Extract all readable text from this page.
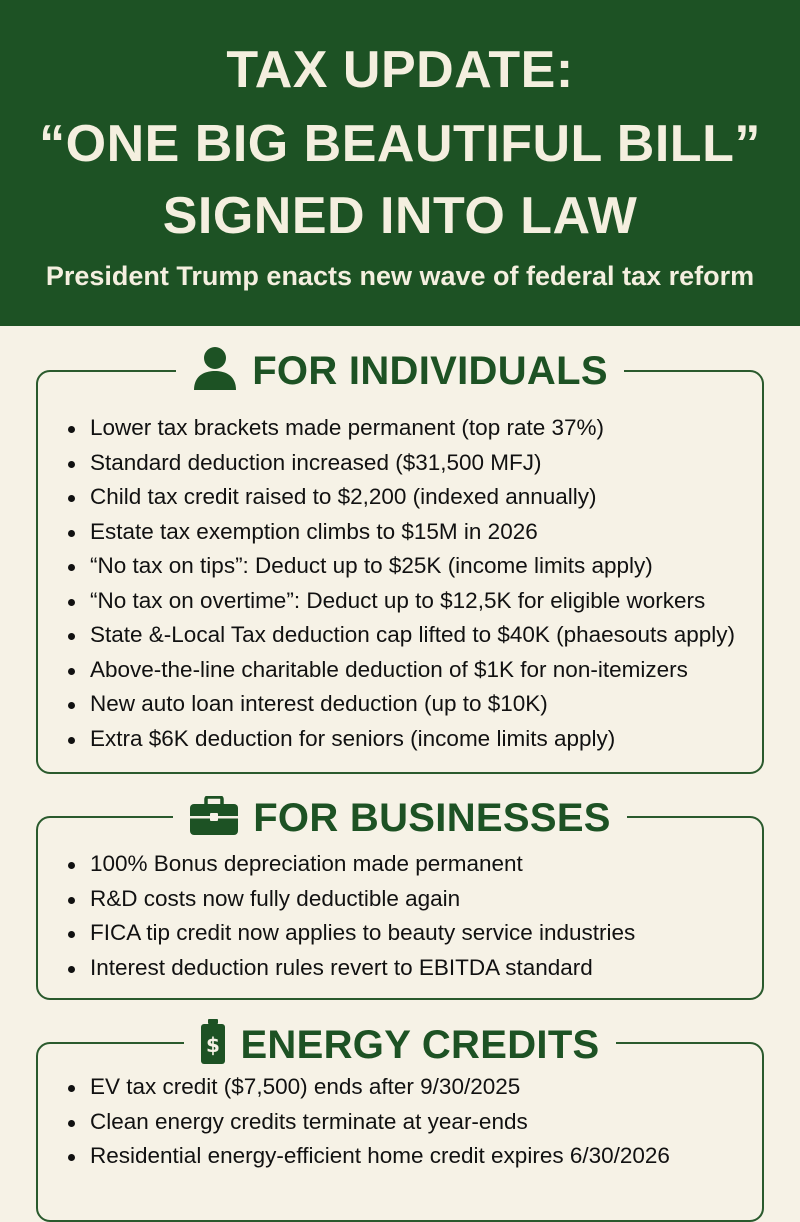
TAX UPDATE:
“ONE BIG BEAUTIFUL BILL”
SIGNED INTO LAW
President Trump enacts new wave of federal tax reform
FOR INDIVIDUALS
Lower tax brackets made permanent (top rate 37%)
Standard deduction increased ($31,500 MFJ)
Child tax credit raised to $2,200 (indexed annually)
Estate tax exemption climbs to $15M in 2026
“No tax on tips”: Deduct up to $25K (income limits apply)
“No tax on overtime”: Deduct up to $12,5K for eligible workers
State &-Local Tax deduction cap lifted to $40K (phaesouts apply)
Above-the-line charitable deduction of $1K for non-itemizers
New auto loan interest deduction (up to $10K)
Extra $6K deduction for seniors (income limits apply)
FOR BUSINESSES
100% Bonus depreciation made permanent
R&D costs now fully deductible again
FICA tip credit now applies to beauty service industries
Interest deduction rules revert to EBITDA standard
$ ENERGY CREDITS
EV tax credit ($7,500) ends after 9/30/2025
Clean energy credits terminate at year-ends
Residential energy-efficient home credit expires 6/30/2026
